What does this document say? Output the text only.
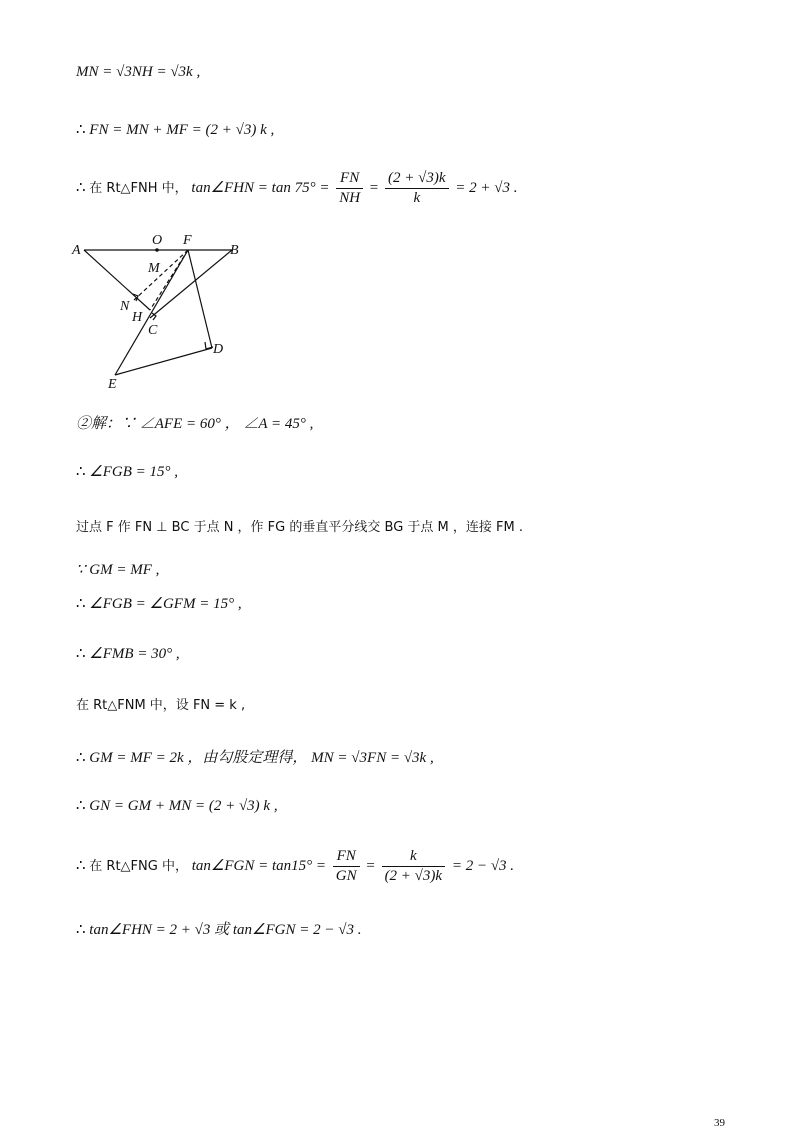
MN = √3NH = √3k ,
∴ FN = MN + MF = (2 + √3) k ,
∴ 在 Rt△FNH 中， tan∠FHN = $\tan 75^\circ = \frac{FN}{NH} = \frac{(2 + √3)k}{k} = 2 + √3$ .
A
O F
B
M
N
H
C
D
E
②解：∵ ∠AFE = 60° ， ∠A = 45° ,
∴ ∠FGB = 15° ,
过点 F 作 FN ⊥ BC 于点 N ，作 FG 的垂直平分线交 BG 于点 M ，连接 FM .
∵ GM = MF ,
∴ ∠FGB = ∠GFM = 15° ,
∴ ∠FMB = 30° ,
在 Rt△FNM 中，设 FN = k ,
∴ GM = MF = 2k ，由勾股定理得， MN = √3FN = √3k ,
∴ GN = GM + MN = (2 + √3) k ,
∴ 在 Rt△FNG 中， tan∠FGN = $\tan 15^\circ = \frac{FN}{GN} = \frac{k}{(2 + √3)k} = 2 - √3$ .
∴ tan∠FHN = 2 + √3 或 tan∠FGN = 2 − √3 .
39
